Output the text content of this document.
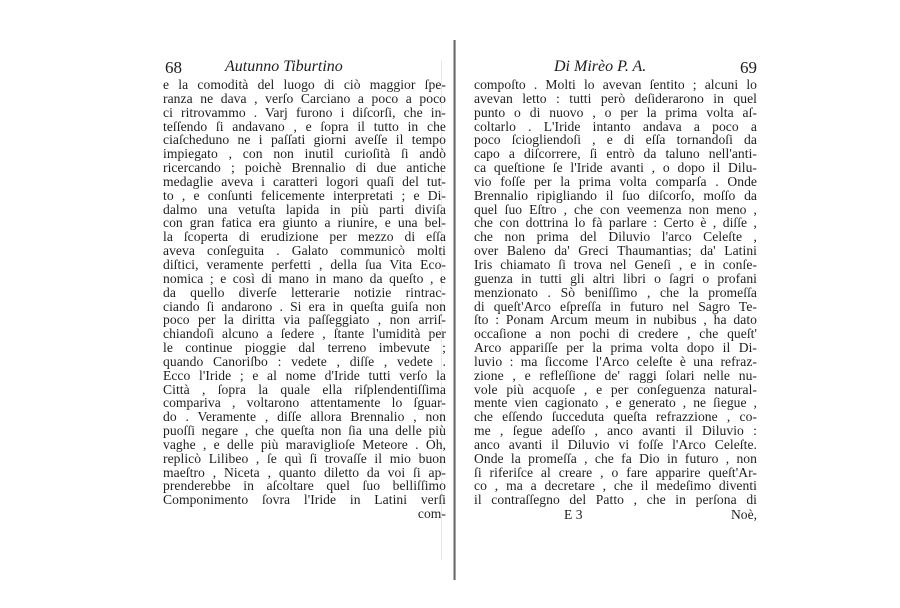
68	Autunno Tiburtino
e la comodità del luogo di ciò maggior ſpe-
ranza ne dava , verſo Carciano a poco a poco
ci ritrovammo . Varj furono i diſcorſi, che in-
teſſendo ſi andavano , e ſopra il tutto in che
ciaſcheduno ne i paſſati giorni aveſſe il tempo
impiegato , con non inutil curioſità ſi andò
ricercando ; poichè Brennalio di due antiche
medaglie aveva i caratteri logori quaſi del tut-
to , e conſunti felicemente interpretati ; e Di-
dalmo una vetuſta lapida in più parti diviſa
con gran fatica era giunto a riunire, e una bel-
la ſcoperta di erudizione per mezzo di eſſa
aveva conſeguita . Galato communicò molti
diſtici, veramente perfetti , della ſua Vita Eco-
nomica ; e così di mano in mano da queſto , e
da quello diverſe letterarie notizie rintrac-
ciando ſi andarono . Si era in queſta guiſa non
poco per la diritta via paſſeggiato , non arriſ-
chiandoſi alcuno a ſedere , ſtante l'umidità per
le continue pioggie dal terreno imbevute ;
quando Canoriſbo : vedete , diſſe , vedete .
Ecco l'Iride ; e al nome d'Iride tutti verſo la
Città , ſopra la quale ella riſplendentiſſima
compariva , voltarono attentamente lo ſguar-
do . Veramente , diſſe allora Brennalio , non
puoſſi negare , che queſta non ſia una delle più
vaghe , e delle più maraviglioſe Meteore . Oh,
replicò Lilibeo , ſe quì ſi trovaſſe il mio buon
maeſtro , Niceta , quanto diletto da voi ſi ap-
prenderebbe in aſcoltare quel ſuo belliſſimo
Componimento ſovra l'Iride in Latini verſi
com-
Di Mirèo P. A.	69
compoſto . Molti lo avevan ſentito ; alcuni lo
avevan letto : tutti però deſiderarono in quel
punto o di nuovo , o per la prima volta aſ-
coltarlo . L'Iride intanto andava a poco a
poco ſciogliendoſi , e di eſſa tornandoſi da
capo a diſcorrere, ſi entrò da taluno nell'anti-
ca queſtione ſe l'Iride avanti , o dopo il Dilu-
vio foſſe per la prima volta comparſa . Onde
Brennalio ripigliando il ſuo diſcorſo, moſſo da
quel ſuo Eſtro , che con veemenza non meno ,
che con dottrina lo fà parlare : Certo è , diſſe ,
che non prima del Diluvio l'arco Celeſte ,
over Baleno da' Greci Thaumantias; da' Latini
Iris chiamato ſi trova nel Geneſi , e in conſe-
guenza in tutti gli altri libri o ſagri o profani
menzionato . Sò beniſſimo , che la promeſſa
di queſt'Arco eſpreſſa in futuro nel Sagro Te-
ſto : Ponam Arcum meum in nubibus , ha dato
occaſione a non pochi di credere , che queſt'
Arco appariſſe per la prima volta dopo il Di-
luvio : ma ſiccome l'Arco celeſte è una refraz-
zione , e refleſſione de' raggi ſolari nelle nu-
vole più acquoſe , e per conſeguenza natural-
mente vien cagionato , e generato , ne ſiegue ,
che eſſendo ſucceduta queſta refrazzione , co-
me , ſegue adeſſo , anco avanti il Diluvio :
anco avanti il Diluvio vi foſſe l'Arco Celeſte.
Onde la promeſſa , che fa Dio in futuro , non
ſi riferiſce al creare , o fare apparire queſt'Ar-
co , ma a decretare , che il medeſimo diventi
il contraſſegno del Patto , che in perſona di
E 3	Noè,
